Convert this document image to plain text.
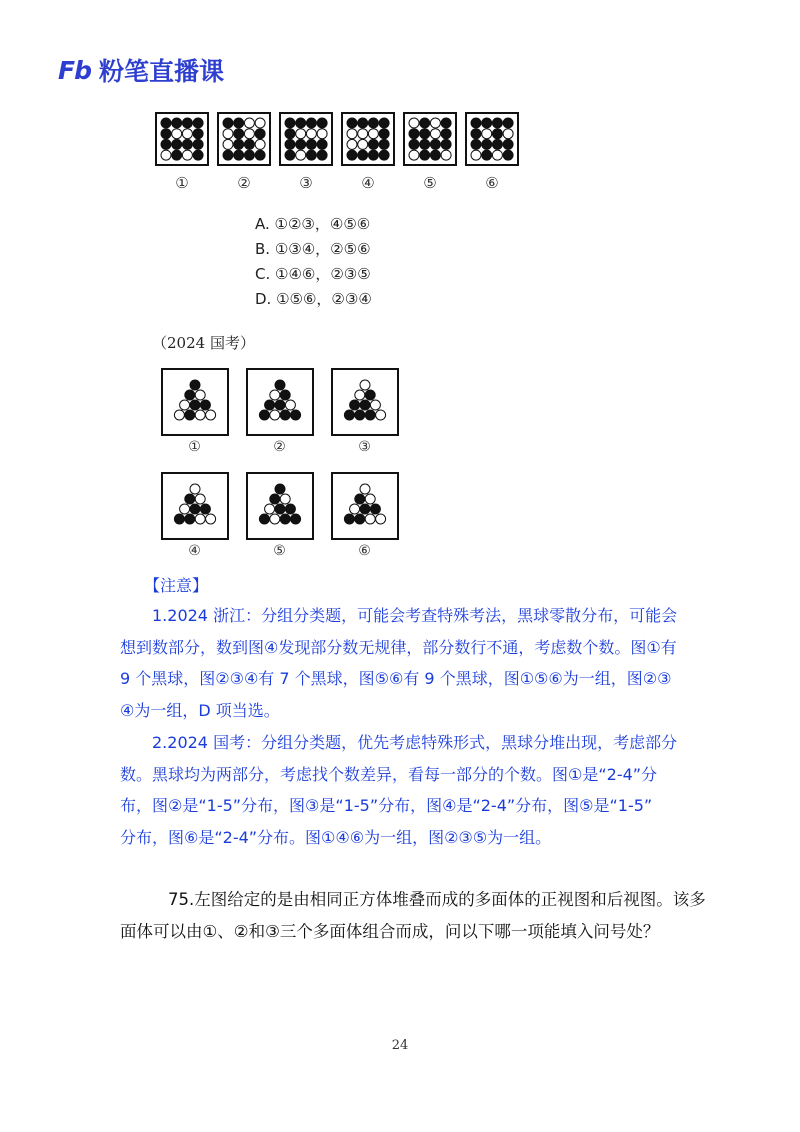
Fb 粉笔直播课
①	②	③	④	⑤	⑥
A. ①②③，④⑤⑥
B. ①③④，②⑤⑥
C. ①④⑥，②③⑤
D. ①⑤⑥，②③④
（2024 国考）
①	②	③
④	⑤	⑥
【注意】
1.2024 浙江：分组分类题，可能会考查特殊考法，黑球零散分布，可能会
想到数部分，数到图④发现部分数无规律，部分数行不通，考虑数个数。图①有
9 个黑球，图②③④有 7 个黑球，图⑤⑥有 9 个黑球，图①⑤⑥为一组，图②③
④为一组，D 项当选。
2.2024 国考：分组分类题，优先考虑特殊形式，黑球分堆出现，考虑部分
数。黑球均为两部分，考虑找个数差异，看每一部分的个数。图①是“2-4”分
布，图②是“1-5”分布，图③是“1-5”分布，图④是“2-4”分布，图⑤是“1-5”
分布，图⑥是“2-4”分布。图①④⑥为一组，图②③⑤为一组。
75.左图给定的是由相同正方体堆叠而成的多面体的正视图和后视图。该多
面体可以由①、②和③三个多面体组合而成，问以下哪一项能填入问号处？
24
